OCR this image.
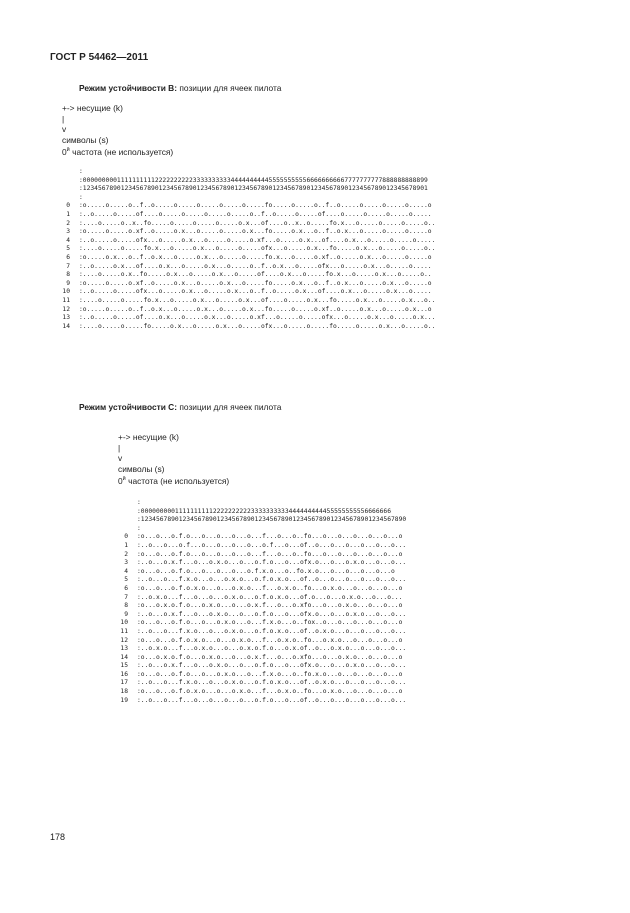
ГОСТ Р 54462—2011
Режим устойчивости B: позиции для ячеек пилота
+-> несущие (k)
|
v
символы (s)
$0^й$ частота (не используется)
:
:0000000001111111111222222222233333333334444444444555555555566666666667777777777888888888899
:1234567890123456789012345678901234567890123456789012345678901234567890123456789012345678901
:
0 :o.....o.....o..f..o.....o.....o.....o.....o.....fo.....o.....o..f..o.....o.....o.....o.....o
1 :..o.....o.....of....o.....o.....o.....o.....o..f..o.....o.....of....o.....o.....o.....o.....
2 :....o.....o..x..fo.....o.....o.....o.....o.x...of....o..x..o.....fo.x...o.....o.....o.....o..
3 :o.....o.....o.xf..o.....o.x...o.....o.....o.x...fo.....o.x...o..f..o.x...o.....o.....o.....o
4 :..o.....o.....ofx...o.....o.x...o.....o.....o.xf...o.....o.x...of....o.x...o.....o.....o.....
5 :....o.....o.....fo.x...o.....o.x...o.....o.....ofx...o.....o.x...fo.....o.x...o.....o.....o..
6 :o.....o.x...o..f..o.x...o.....o.x...o.....o.....fo.x...o.....o.xf..o.....o.x...o.....o.....o
7 :..o.....o.x...of....o.x...o.....o.x...o.....o..f..o.x...o.....ofx...o.....o.x...o.....o.....
8 :....o.....o.x..fo.....o.x...o.....o.x...o.....of....o.x...o.....fo.x...o.....o.x...o.....o..
9 :o.....o.....o.xf..o.....o.x...o.....o.x...o.....fo.....o.x...o..f..o.x...o.....o.x...o.....o
10 :..o.....o.....ofx...o.....o.x...o.....o.x...o..f..o.....o.x...of....o.x...o.....o.x...o.....
11 :....o.....o.....fo.x...o.....o.x...o.....o.x...of....o.....o.x...fo.....o.x...o.....o.x...o..
12 :o.....o.....o..f..o.x...o.....o.x...o.....o.x...fo.....o.....o.xf..o.....o.x...o.....o.x...o
13 :..o.....o.....of....o.x...o.....o.x...o.....o.xf...o.....o.....ofx...o.....o.x...o.....o.x...
14 :....o.....o.....fo.....o.x...o.....o.x...o.....ofx...o.....o.....fo.....o.....o.x...o.....o..
Режим устойчивости C: позиции для ячеек пилота
+-> несущие (k)
|
v
символы (s)
$0^й$ частота (не используется)
:
:000000000111111111122222222223333333333444444444455555555556666666
:1234567890123456789012345678901234567890123456789012345678901234567890
:
0 :o...o...o.f.o...o...o...o...o...f...o...o..fo...o...o...o...o...o...o
1 :..o...o...o.f...o...o...o...o...o.f...o...of..o...o...o...o...o...o...
2 :o...o...o.f.o...o...o...o...o...f...o...o..fo...o...o...o...o...o...o
3 :..o...o.x.f...o...o.x.o...o...o.f.o...o...ofx.o...o...o.x.o...o...o...
4 :o...o...o.f.o...o...o...o...o.f.x.o...o..fo.x.o...o...o...o...o...o
5 :..o...o...f.x.o...o...o.x.o...o.f.o.x.o...of..o...o...o...o...o...o...
6 :o...o...o.f.o.x.o...o...o.x.o...f...o.x.o..fo...o.x.o...o...o...o...o
7 :..o.x.o...f...o...o...o.x.o...o.f.o.x.o...of.o...o...o.x.o...o...o...
8 :o...o.x.o.f.o...o.x.o...o...o.x.f...o...o.xfo...o...o.x.o...o...o...o
9 :..o...o.x.f...o...o.x.o...o...o.f.o...o...ofx.o...o...o.x.o...o...o...
10 :o...o...o.f.o...o...o.x.o...o...f.x.o...o..fox..o...o...o...o...o...o
11 :..o...o...f.x.o...o...o.x.o...o.f.o.x.o...of..o.x.o...o...o...o...o...
12 :o...o...o.f.o.x.o...o...o.x.o...f...o.x.o..fo...o.x.o...o...o...o...o
13 :..o.x.o...f...o.x.o...o...o.x.o.f.o...o.x.of..o...o.x.o...o...o...o...
14 :o...o.x.o.f.o...o.x.o...o...o.x.f...o...o.xfo...o...o.x.o...o...o...o
15 :..o...o.x.f...o...o.x.o...o...o.f.o...o...ofx.o...o...o.x.o...o...o...
16 :o...o...o.f.o...o...o.x.o...o...f.x.o...o..fo.x.o...o...o...o...o...o
17 :..o...o...f.x.o...o...o.x.o...o.f.o.x.o...of..o.x.o...o...o...o...o...
18 :o...o...o.f.o.x.o...o...o.x.o...f...o.x.o..fo...o.x.o...o...o...o...o
19 :..o...o...f...o...o...o...o...o.f.o...o...of..o...o...o...o...o...o...
178
